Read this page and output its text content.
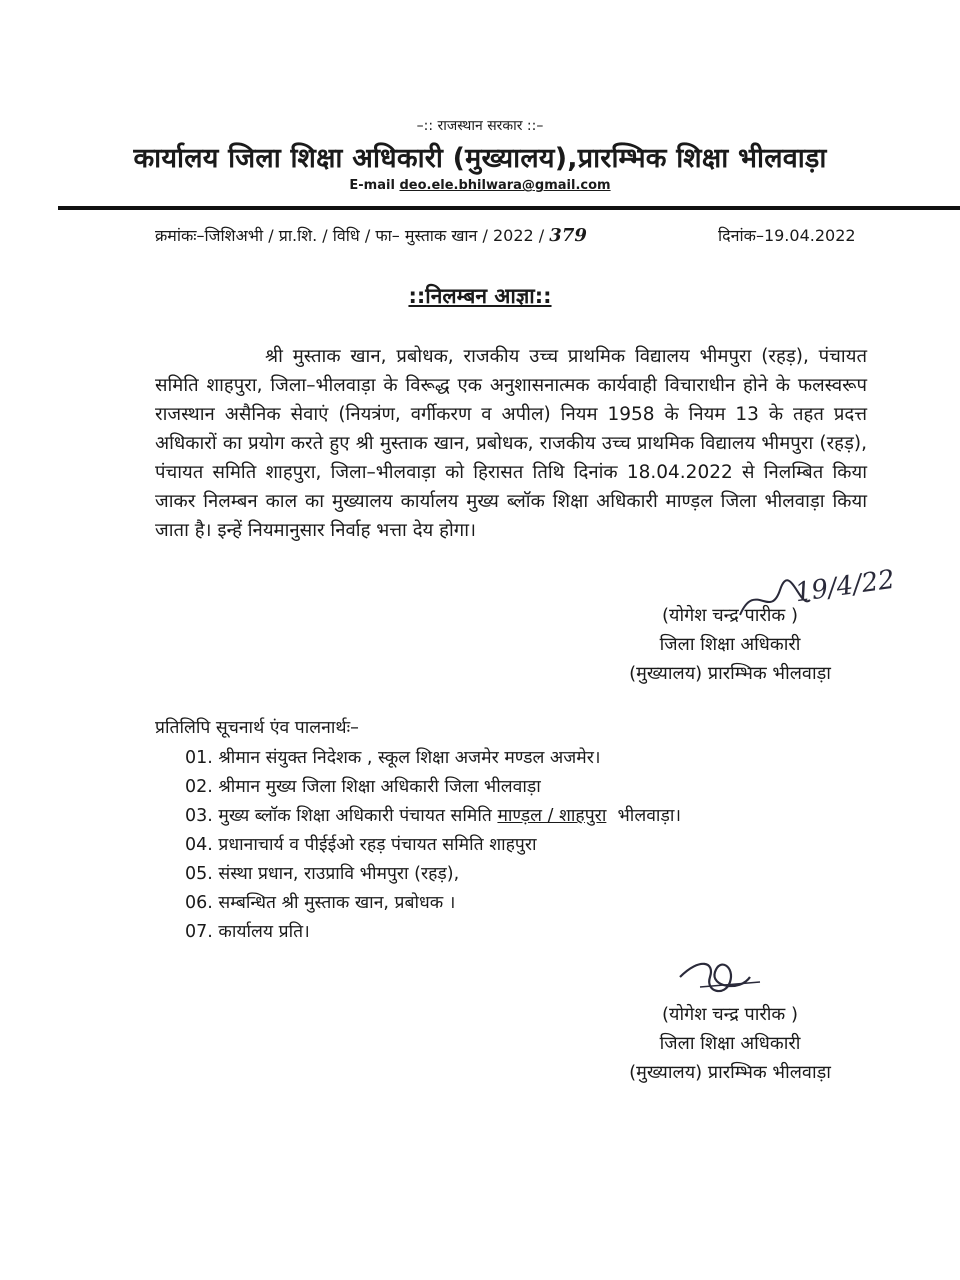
–:: राजस्थान सरकार ::–
कार्यालय जिला शिक्षा अधिकारी (मुख्यालय),प्रारम्भिक शिक्षा भीलवाड़ा
E-mail deo.ele.bhilwara@gmail.com
क्रमांकः–जिशिअभी / प्रा.शि. / विधि / फा– मुस्ताक खान / 2022 / 379	दिनांक–19.04.2022
::निलम्बन आज्ञा::
श्री मुस्ताक खान, प्रबोधक, राजकीय उच्च प्राथमिक विद्यालय भीमपुरा (रहड़), पंचायत समिति शाहपुरा, जिला–भीलवाड़ा के विरूद्ध एक अनुशासनात्मक कार्यवाही विचाराधीन होने के फलस्वरूप राजस्थान असैनिक सेवाएं (नियत्रंण, वर्गीकरण व अपील) नियम 1958 के नियम 13 के तहत प्रदत्त अधिकारों का प्रयोग करते हुए श्री मुस्ताक खान, प्रबोधक, राजकीय उच्च प्राथमिक विद्यालय भीमपुरा (रहड़), पंचायत समिति शाहपुरा, जिला–भीलवाड़ा को हिरासत तिथि दिनांक 18.04.2022 से निलम्बित किया जाकर निलम्बन काल का मुख्यालय कार्यालय मुख्य ब्लॉक शिक्षा अधिकारी माण्ड़ल जिला भीलवाड़ा किया जाता है। इन्हें नियमानुसार निर्वाह भत्ता देय होगा।
19/4/22
(योगेश चन्द्र पारीक )
जिला शिक्षा अधिकारी
(मुख्यालय) प्रारम्भिक भीलवाड़ा
प्रतिलिपि सूचनार्थ एंव पालनार्थः–
01. श्रीमान संयुक्त निदेशक , स्कूल शिक्षा अजमेर मण्डल अजमेर।
02. श्रीमान मुख्य जिला शिक्षा अधिकारी जिला भीलवाड़ा
03. मुख्य ब्लॉक शिक्षा अधिकारी पंचायत समिति माण्ड़ल / शाहपुरा भीलवाड़ा।
04. प्रधानाचार्य व पीईईओ रहड़ पंचायत समिति शाहपुरा
05. संस्था प्रधान, राउप्रावि भीमपुरा (रहड़),
06. सम्बन्धित श्री मुस्ताक खान, प्रबोधक ।
07. कार्यालय प्रति।
(योगेश चन्द्र पारीक )
जिला शिक्षा अधिकारी
(मुख्यालय) प्रारम्भिक भीलवाड़ा
